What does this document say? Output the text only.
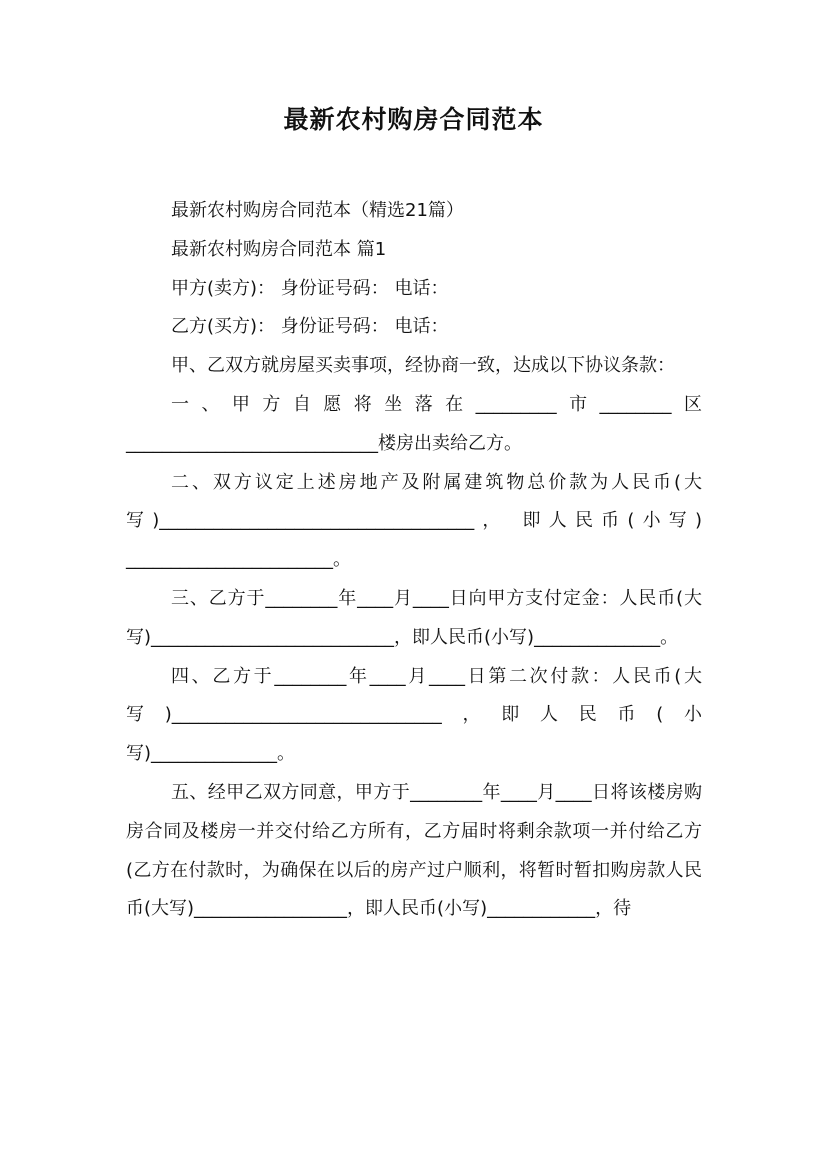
最新农村购房合同范本

最新农村购房合同范本（精选21篇）

最新农村购房合同范本 篇1

甲方(卖方)： 身份证号码： 电话：

乙方(买方)： 身份证号码： 电话：

甲、乙双方就房屋买卖事项，经协商一致，达成以下协议条款：

一、甲方自愿将坐落在_________市________区____________________________楼房出卖给乙方。

二、双方议定上述房地产及附属建筑物总价款为人民币(大写)___________________________________， 即人民币(小写) _______________________。

三、乙方于________年____月____日向甲方支付定金：人民币(大写)___________________________，即人民币(小写)______________。

四、乙方于________年____月____日第二次付款：人民币(大写)______________________________，即人民币(小写)______________。

五、经甲乙双方同意，甲方于________年____月____日将该楼房购房合同及楼房一并交付给乙方所有，乙方届时将剩余款项一并付给乙方(乙方在付款时，为确保在以后的房产过户顺利，将暂时暂扣购房款人民币(大写)_________________，即人民币(小写)____________，待
